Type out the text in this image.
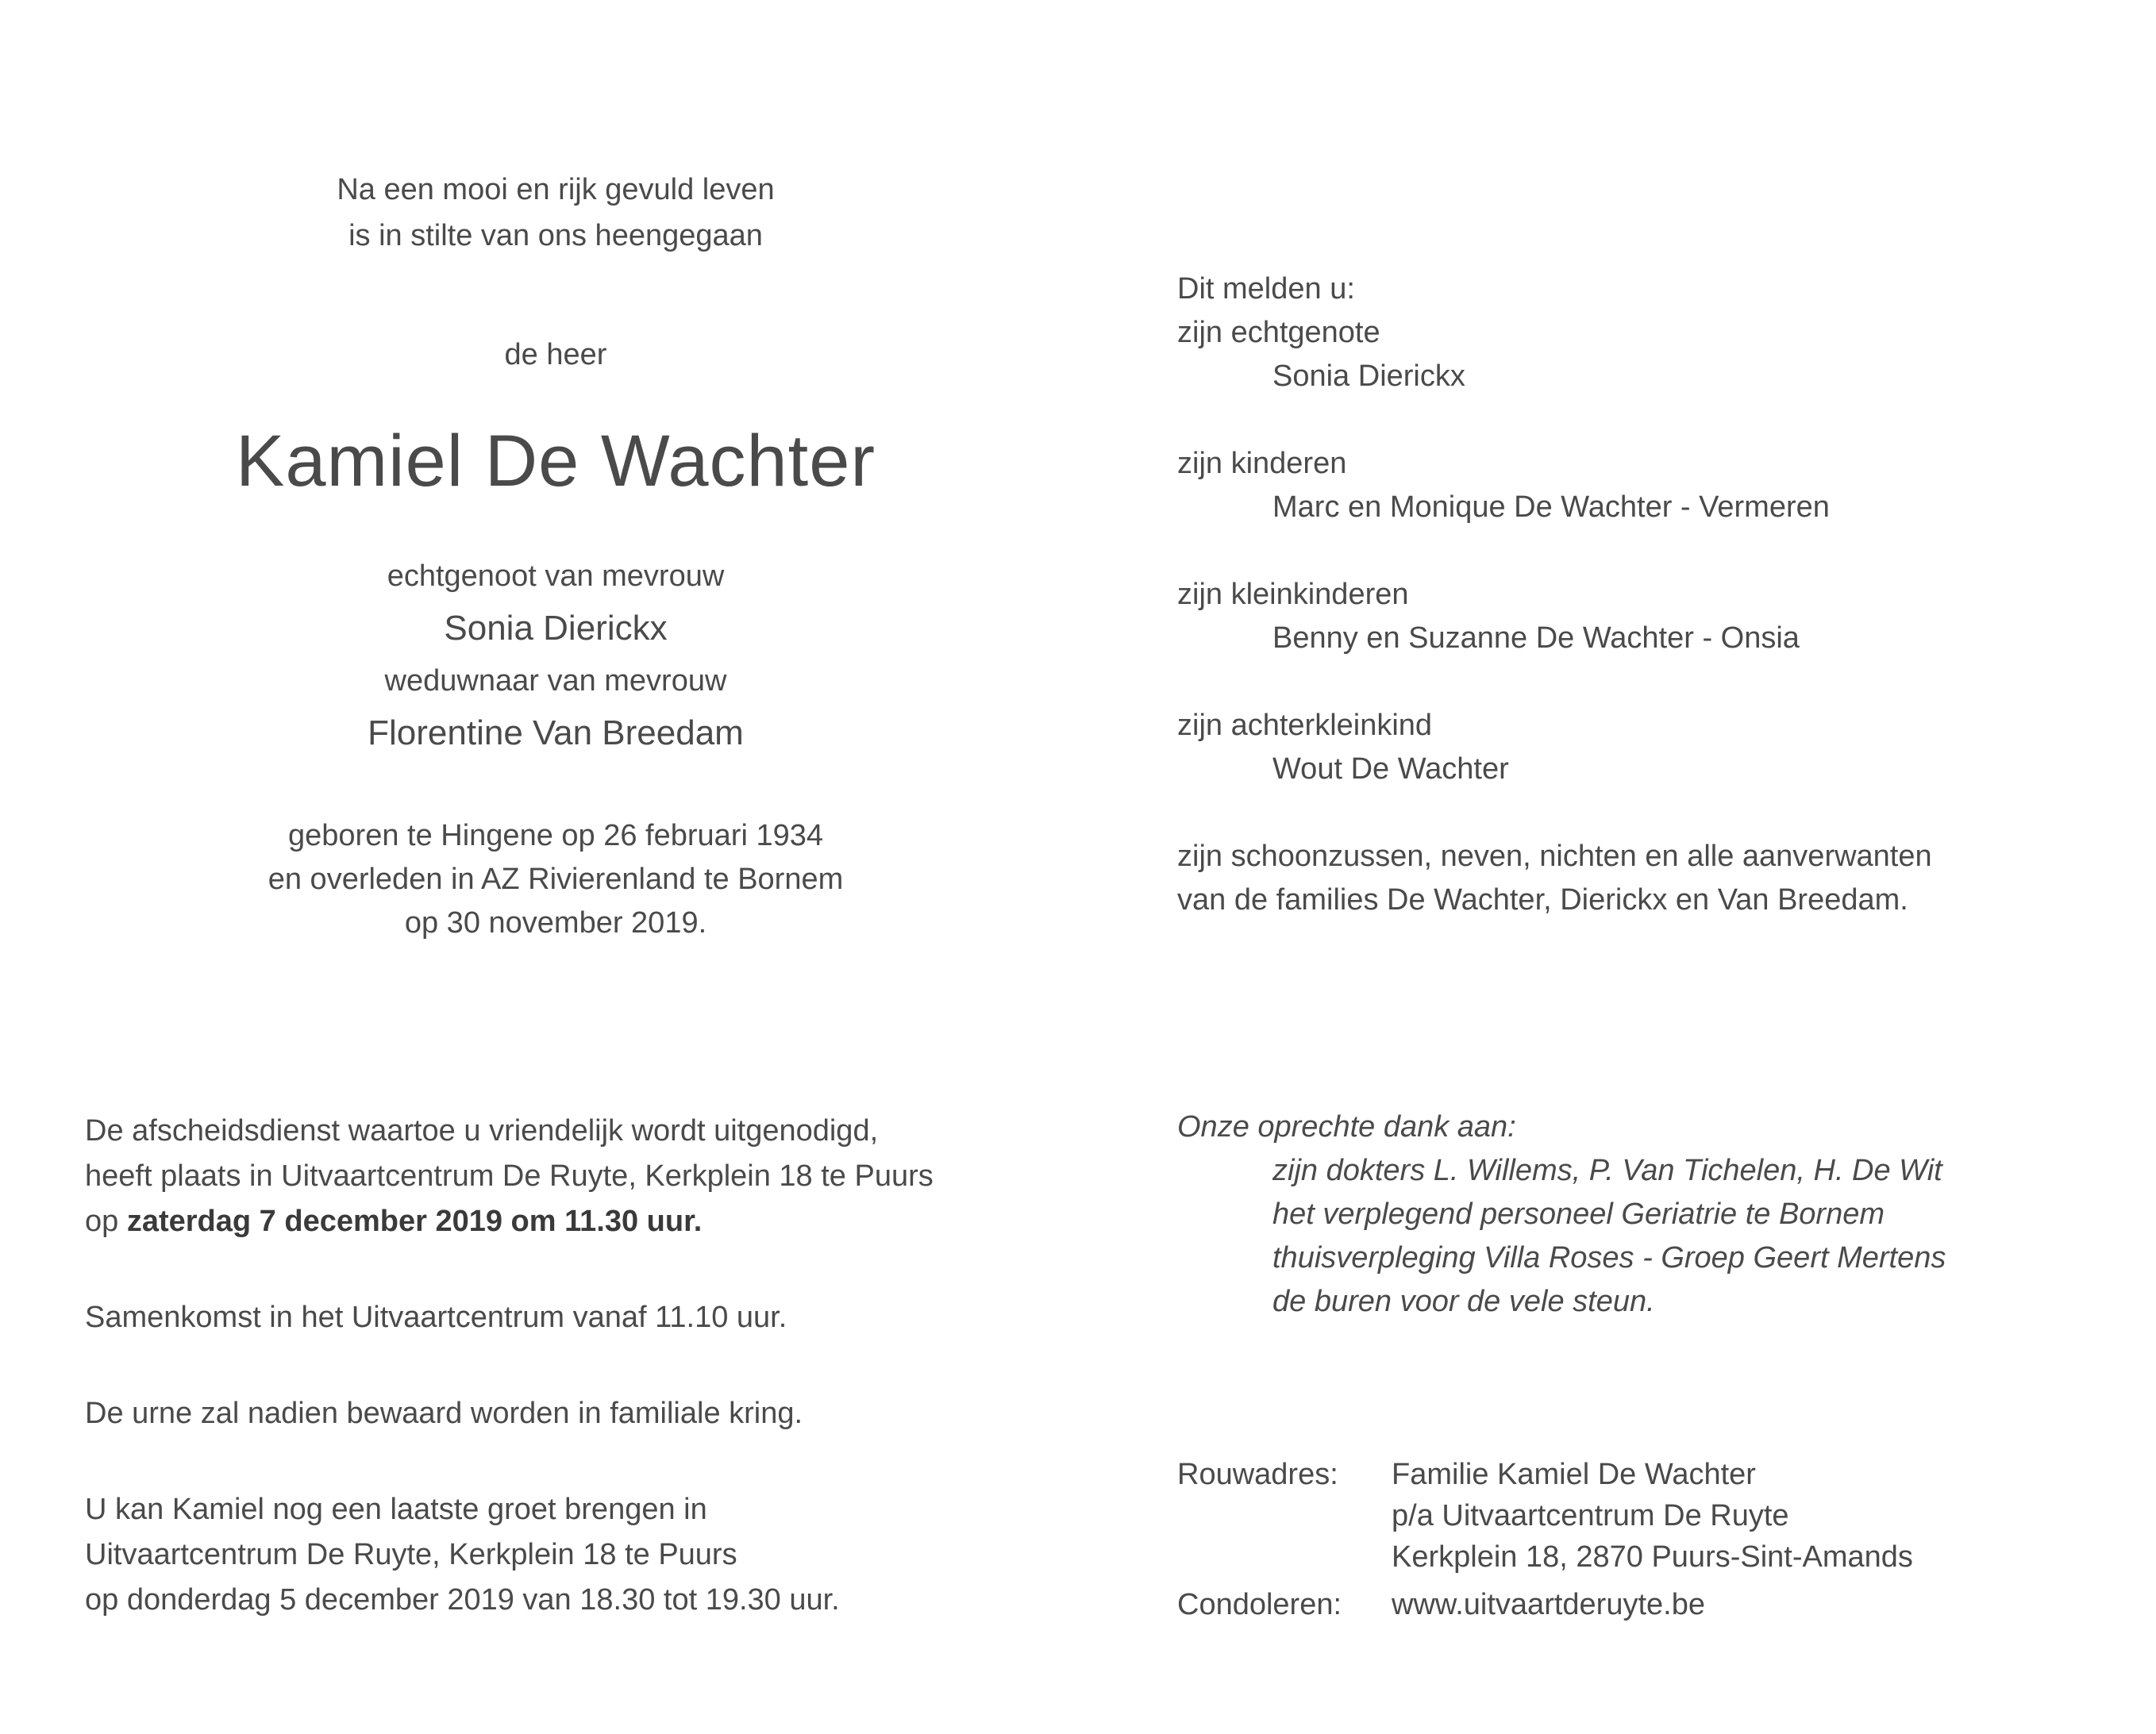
Na een mooi en rijk gevuld leven

is in stilte van ons heengegaan

de heer
Kamiel De Wachter

echtgenoot van mevrouw

Sonia Dierickx

weduwnaar van mevrouw

Florentine Van Breedam

geboren te Hingene op 26 februari 1934

en overleden in AZ Rivierenland te Bornem

op 30 november 2019.

De afscheidsdienst waartoe u vriendelijk wordt uitgenodigd,

heeft plaats in Uitvaartcentrum De Ruyte, Kerkplein 18 te Puurs

op zaterdag 7 december 2019 om 11.30 uur.

Samenkomst in het Uitvaartcentrum vanaf 11.10 uur.

De urne zal nadien bewaard worden in familiale kring.

U kan Kamiel nog een laatste groet brengen in

Uitvaartcentrum De Ruyte, Kerkplein 18 te Puurs

op donderdag 5 december 2019 van 18.30 tot 19.30 uur.

Dit melden u:

zijn echtgenote

Sonia Dierickx

zijn kinderen

Marc en Monique De Wachter - Vermeren

zijn kleinkinderen

Benny en Suzanne De Wachter - Onsia

zijn achterkleinkind

Wout De Wachter

zijn schoonzussen, neven, nichten en alle aanverwanten

van de families De Wachter, Dierickx en Van Breedam.

Onze oprechte dank aan:

zijn dokters L. Willems, P. Van Tichelen, H. De Wit

het verplegend personeel Geriatrie te Bornem

thuisverpleging Villa Roses - Groep Geert Mertens

de buren voor de vele steun.

Rouwadres:	Familie Kamiel De Wachter

p/a Uitvaartcentrum De Ruyte

Kerkplein 18, 2870 Puurs-Sint-Amands

Condoleren:	www.uitvaartderuyte.be
